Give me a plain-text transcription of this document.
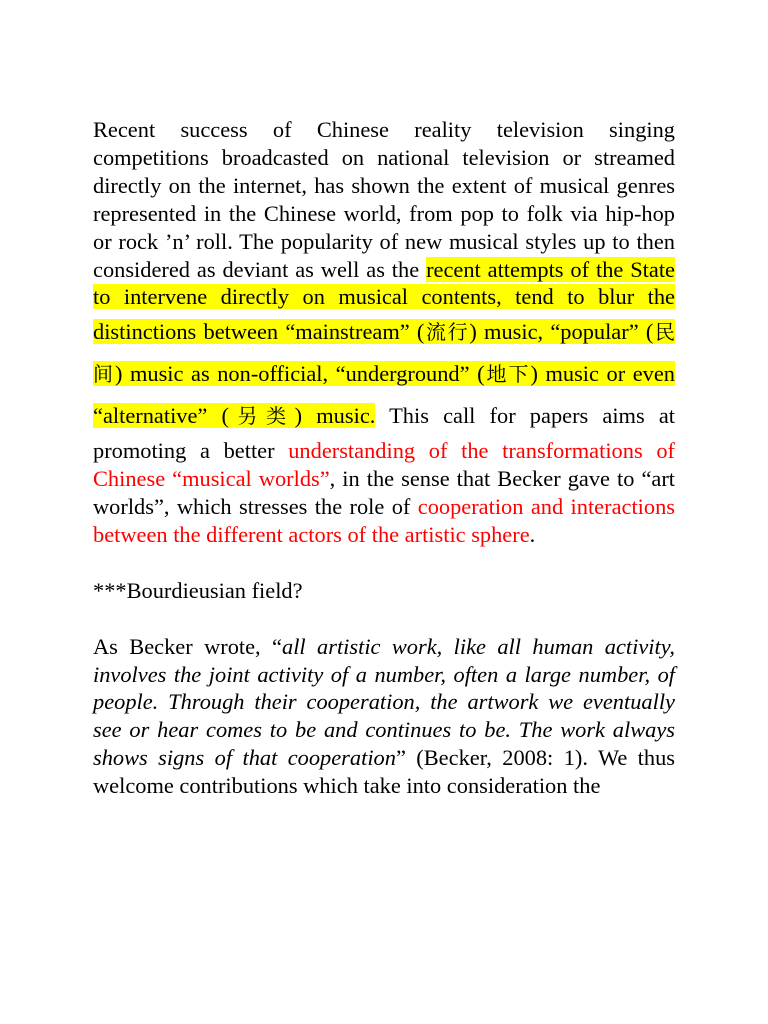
Recent success of Chinese reality television singing competitions broadcasted on national television or streamed directly on the internet, has shown the extent of musical genres represented in the Chinese world, from pop to folk via hip-hop or rock ’n’ roll. The popularity of new musical styles up to then considered as deviant as well as the recent attempts of the State to intervene directly on musical contents, tend to blur the distinctions between “mainstream” (流行) music, “popular” (民间) music as non-official, “underground” (地下) music or even “alternative” (另类) music. This call for papers aims at promoting a better understanding of the transformations of Chinese “musical worlds”, in the sense that Becker gave to “art worlds”, which stresses the role of cooperation and interactions between the different actors of the artistic sphere.

***Bourdieusian field?

As Becker wrote, “all artistic work, like all human activity, involves the joint activity of a number, often a large number, of people. Through their cooperation, the artwork we eventually see or hear comes to be and continues to be. The work always shows signs of that cooperation” (Becker, 2008: 1). We thus welcome contributions which take into consideration the
